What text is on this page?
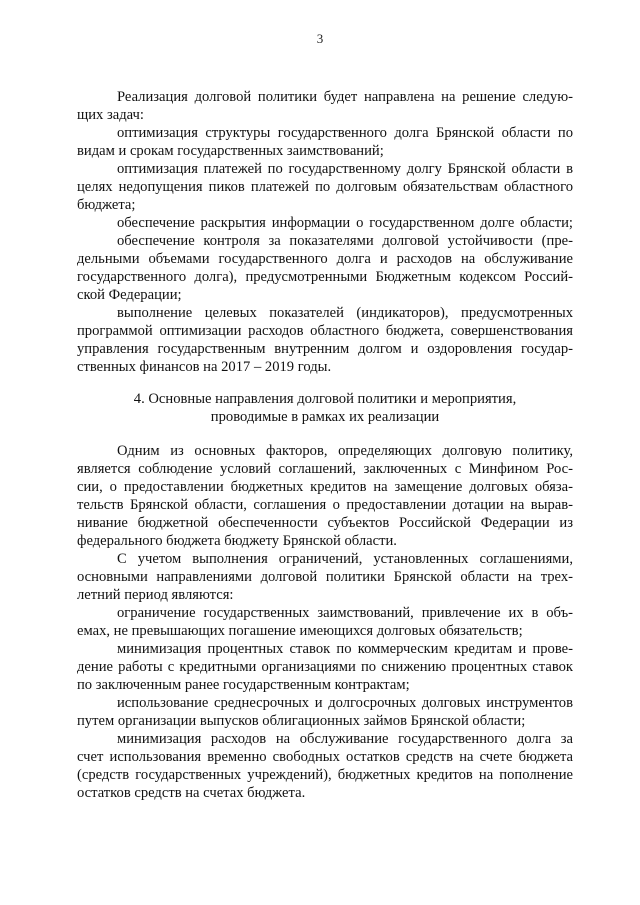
3
Реализация долговой политики будет направлена на решение следую-
щих задач:
оптимизация структуры государственного долга Брянской области по
видам и срокам государственных заимствований;
оптимизация платежей по государственному долгу Брянской области в
целях недопущения пиков платежей по долговым обязательствам областного
бюджета;
обеспечение раскрытия информации о государственном долге области;
обеспечение контроля за показателями долговой устойчивости (пре-
дельными объемами государственного долга и расходов на обслуживание
государственного долга), предусмотренными Бюджетным кодексом Россий-
ской Федерации;
выполнение целевых показателей (индикаторов), предусмотренных
программой оптимизации расходов областного бюджета, совершенствования
управления государственным внутренним долгом и оздоровления государ-
ственных финансов на 2017 – 2019 годы.
4. Основные направления долговой политики и мероприятия,
проводимые в рамках их реализации
Одним из основных факторов, определяющих долговую политику,
является соблюдение условий соглашений, заключенных с Минфином Рос-
сии, о предоставлении бюджетных кредитов на замещение долговых обяза-
тельств Брянской области, соглашения о предоставлении дотации на вырав-
нивание бюджетной обеспеченности субъектов Российской Федерации из
федерального бюджета бюджету Брянской области.
С учетом выполнения ограничений, установленных соглашениями,
основными направлениями долговой политики Брянской области на трех-
летний период являются:
ограничение государственных заимствований, привлечение их в объ-
емах, не превышающих погашение имеющихся долговых обязательств;
минимизация процентных ставок по коммерческим кредитам и прове-
дение работы с кредитными организациями по снижению процентных ставок
по заключенным ранее государственным контрактам;
использование среднесрочных и долгосрочных долговых инструментов
путем организации выпусков облигационных займов Брянской области;
минимизация расходов на обслуживание государственного долга за
счет использования временно свободных остатков средств на счете бюджета
(средств государственных учреждений), бюджетных кредитов на пополнение
остатков средств на счетах бюджета.
